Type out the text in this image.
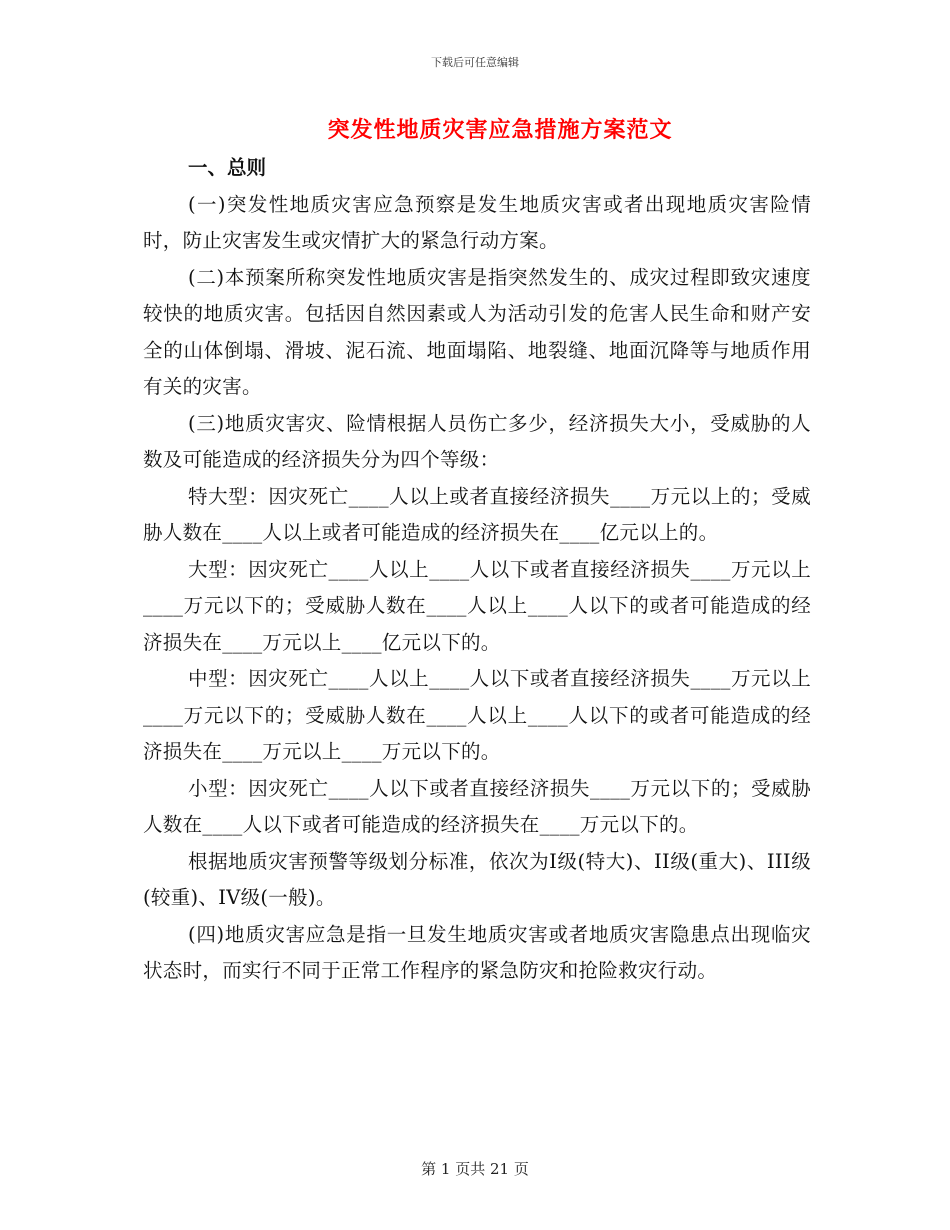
下载后可任意编辑
突发性地质灾害应急措施方案范文

一、总则

(一)突发性地质灾害应急预察是发生地质灾害或者出现地质灾害险情时，防止灾害发生或灾情扩大的紧急行动方案。

(二)本预案所称突发性地质灾害是指突然发生的、成灾过程即致灾速度较快的地质灾害。包括因自然因素或人为活动引发的危害人民生命和财产安全的山体倒塌、滑坡、泥石流、地面塌陷、地裂缝、地面沉降等与地质作用有关的灾害。

(三)地质灾害灾、险情根据人员伤亡多少，经济损失大小，受威胁的人数及可能造成的经济损失分为四个等级：

特大型：因灾死亡____人以上或者直接经济损失____万元以上的；受威胁人数在____人以上或者可能造成的经济损失在____亿元以上的。

大型：因灾死亡____人以上____人以下或者直接经济损失____万元以上____万元以下的；受威胁人数在____人以上____人以下的或者可能造成的经济损失在____万元以上____亿元以下的。

中型：因灾死亡____人以上____人以下或者直接经济损失____万元以上____万元以下的；受威胁人数在____人以上____人以下的或者可能造成的经济损失在____万元以上____万元以下的。

小型：因灾死亡____人以下或者直接经济损失____万元以下的；受威胁人数在____人以下或者可能造成的经济损失在____万元以下的。

根据地质灾害预警等级划分标准，依次为I级(特大)、II级(重大)、III级(较重)、IV级(一般)。

(四)地质灾害应急是指一旦发生地质灾害或者地质灾害隐患点出现临灾状态时，而实行不同于正常工作程序的紧急防灾和抢险救灾行动。

第 1 页共 21 页
